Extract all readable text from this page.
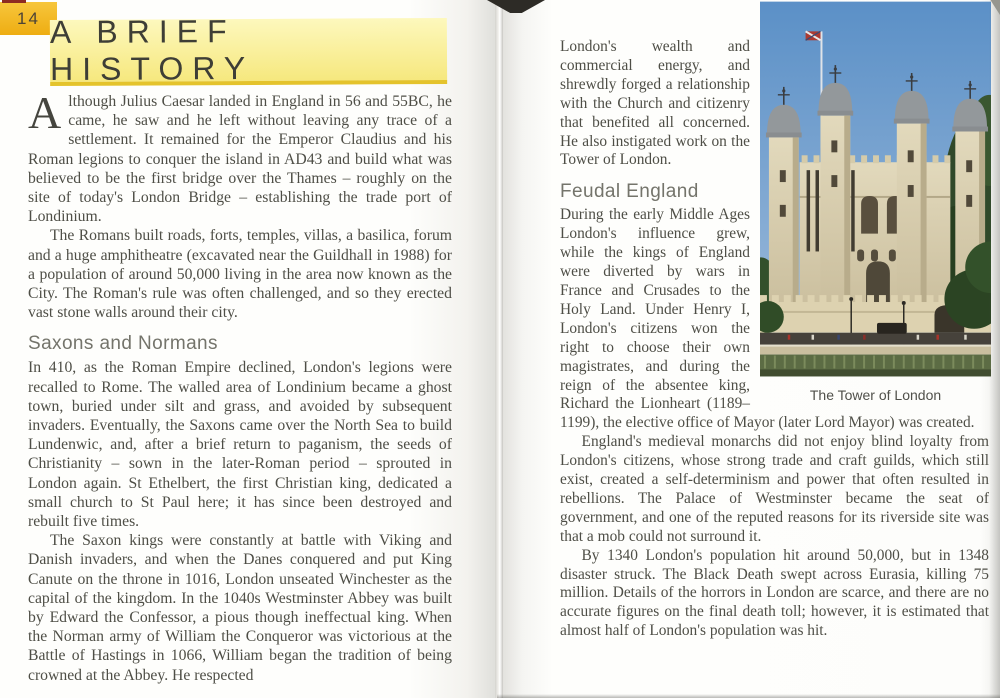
14 A BRIEF HISTORY

Although Julius Caesar landed in England in 56 and 55BC, he came, he saw and he left without leaving any trace of a settlement. It remained for the Emperor Claudius and his Roman legions to conquer the island in AD43 and build what was believed to be the first bridge over the Thames – roughly on the site of today's London Bridge – establishing the trade port of Londinium.

The Romans built roads, forts, temples, villas, a basilica, forum and a huge amphitheatre (excavated near the Guildhall in 1988) for a population of around 50,000 living in the area now known as the City. The Roman's rule was often challenged, and so they erected vast stone walls around their city.

Saxons and Normans

In 410, as the Roman Empire declined, London's legions were recalled to Rome. The walled area of Londinium became a ghost town, buried under silt and grass, and avoided by subsequent invaders. Eventually, the Saxons came over the North Sea to build Lundenwic, and, after a brief return to paganism, the seeds of Christianity – sown in the later-Roman period – sprouted in London again. St Ethelbert, the first Christian king, dedicated a small church to St Paul here; it has since been destroyed and rebuilt five times.

The Saxon kings were constantly at battle with Viking and Danish invaders, and when the Danes conquered and put King Canute on the throne in 1016, London unseated Winchester as the capital of the kingdom. In the 1040s Westminster Abbey was built by Edward the Confessor, a pious though ineffectual king. When the Norman army of William the Conqueror was victorious at the Battle of Hastings in 1066, William began the tradition of being crowned at the Abbey. He respected

The Tower of London

London's wealth and commercial energy, and shrewdly forged a relationship with the Church and citizenry that benefited all concerned. He also instigated work on the Tower of London.

Feudal England

During the early Middle Ages London's influence grew, while the kings of England were diverted by wars in France and Crusades to the Holy Land. Under Henry I, London's citizens won the right to choose their own magistrates, and during the reign of the absentee king, Richard the Lionheart (1189–1199), the elective office of Mayor (later Lord Mayor) was created.

England's medieval monarchs did not enjoy blind loyalty from London's citizens, whose strong trade and craft guilds, which still exist, created a self-determinism and power that often resulted in rebellions. The Palace of Westminster became the seat of government, and one of the reputed reasons for its riverside site was that a mob could not surround it.

By 1340 London's population hit around 50,000, but in 1348 disaster struck. The Black Death swept across Eurasia, killing 75 million. Details of the horrors in London are scarce, and there are no accurate figures on the final death toll; however, it is estimated that almost half of London's population was hit.
